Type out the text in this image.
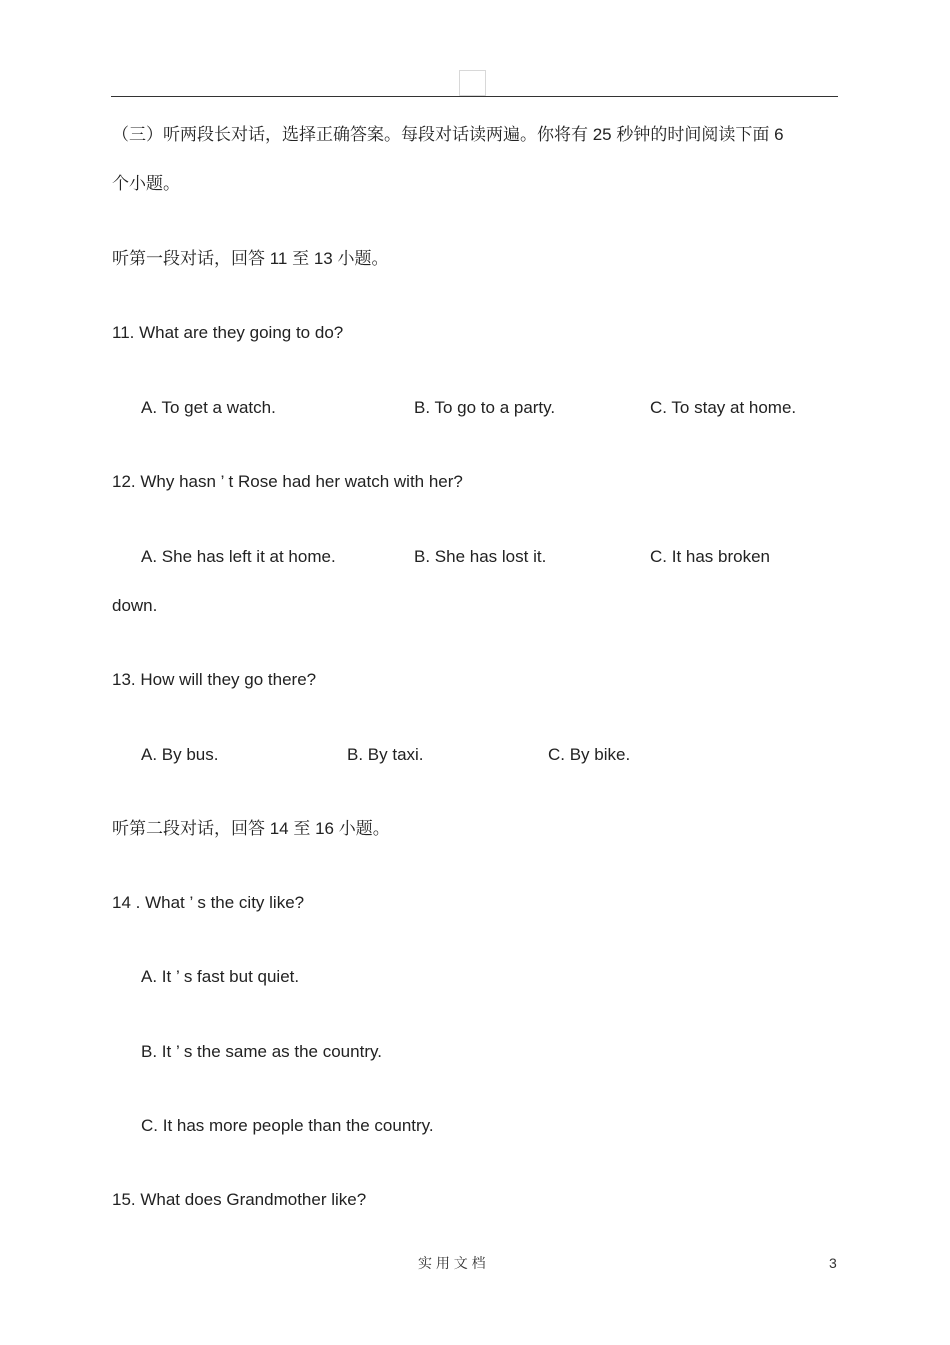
（三）听两段长对话，选择正确答案。每段对话读两遍。你将有 25 秒钟的时间阅读下面 6
个小题。
听第一段对话，回答 11 至 13 小题。
11. What are they going to do?
A. To get a watch.	B. To go to a party.	C. To stay at home.
12. Why hasn ’ t Rose had her watch with her?
A. She has left it at home.	B. She has lost it.	C. It has broken
down.
13. How will they go there?
A. By bus.	B. By taxi.	C. By bike.
听第二段对话，回答 14 至 16 小题。
14 . What ’ s the city like?
A. It ’ s fast but quiet.
B. It ’ s the same as the country.
C. It has more people than the country.
15. What does Grandmother like?
实 用 文 档	3
